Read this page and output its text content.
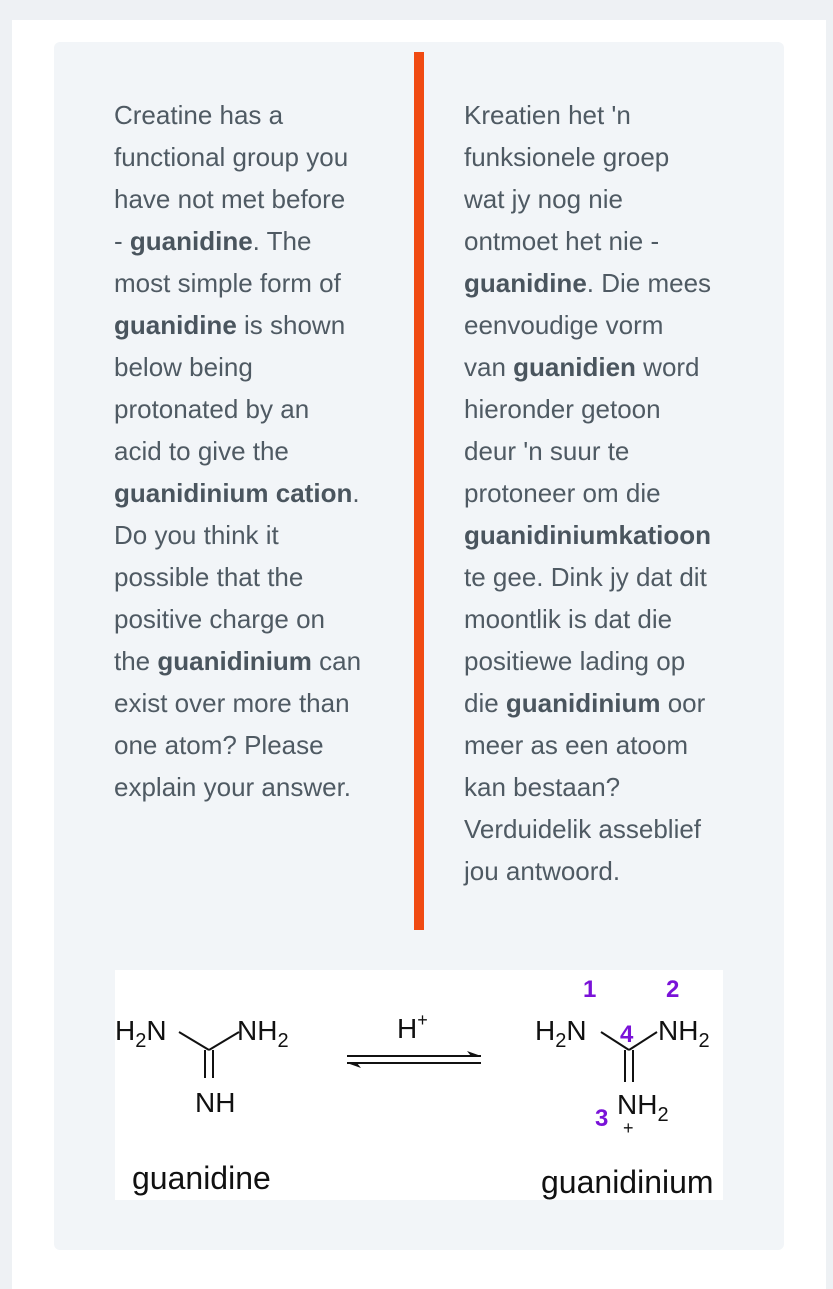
Creatine has a
functional group you
have not met before
- guanidine. The
most simple form of
guanidine is shown
below being
protonated by an
acid to give the
guanidinium cation.
Do you think it
possible that the
positive charge on
the guanidinium can
exist over more than
one atom? Please
explain your answer.
Kreatien het 'n
funksionele groep
wat jy nog nie
ontmoet het nie -
guanidine. Die mees
eenvoudige vorm
van guanidien word
hieronder getoon
deur 'n suur te
protoneer om die
guanidiniumkatioon
te gee. Dink jy dat dit
moontlik is dat die
positiewe lading op
die guanidinium oor
meer as een atoom
kan bestaan?
Verduidelik asseblief
jou antwoord.
$H_2N$	$NH_2$
NH
guanidine
H+
1	2
$H_2N$	$NH_2$
4
3 $NH_2$
+
guanidinium
